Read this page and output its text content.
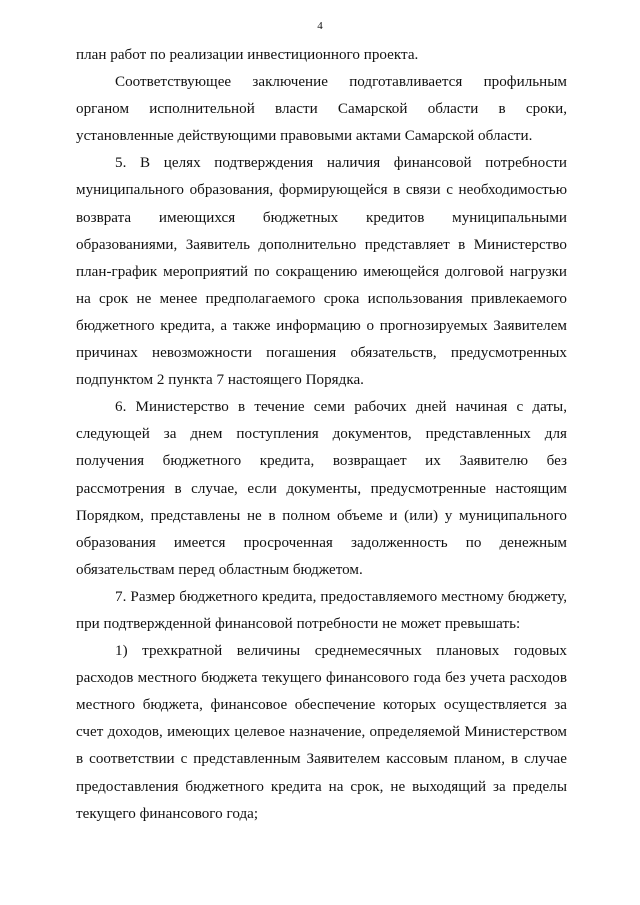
4

план работ по реализации инвестиционного проекта.

Соответствующее заключение подготавливается профильным органом исполнительной власти Самарской области в сроки, установленные действующими правовыми актами Самарской области.

5. В целях подтверждения наличия финансовой потребности муниципального образования, формирующейся в связи с необходимостью возврата имеющихся бюджетных кредитов муниципальными образованиями, Заявитель дополнительно представляет в Министерство план-график мероприятий по сокращению имеющейся долговой нагрузки на срок не менее предполагаемого срока использования привлекаемого бюджетного кредита, а также информацию о прогнозируемых Заявителем причинах невозможности погашения обязательств, предусмотренных подпунктом 2 пункта 7 настоящего Порядка.

6. Министерство в течение семи рабочих дней начиная с даты, следующей за днем поступления документов, представленных для получения бюджетного кредита, возвращает их Заявителю без рассмотрения в случае, если документы, предусмотренные настоящим Порядком, представлены не в полном объеме и (или) у муниципального образования имеется просроченная задолженность по денежным обязательствам перед областным бюджетом.

7. Размер бюджетного кредита, предоставляемого местному бюджету, при подтвержденной финансовой потребности не может превышать:

1) трехкратной величины среднемесячных плановых годовых расходов местного бюджета текущего финансового года без учета расходов местного бюджета, финансовое обеспечение которых осуществляется за счет доходов, имеющих целевое назначение, определяемой Министерством в соответствии с представленным Заявителем кассовым планом, в случае предоставления бюджетного кредита на срок, не выходящий за пределы текущего финансового года;
